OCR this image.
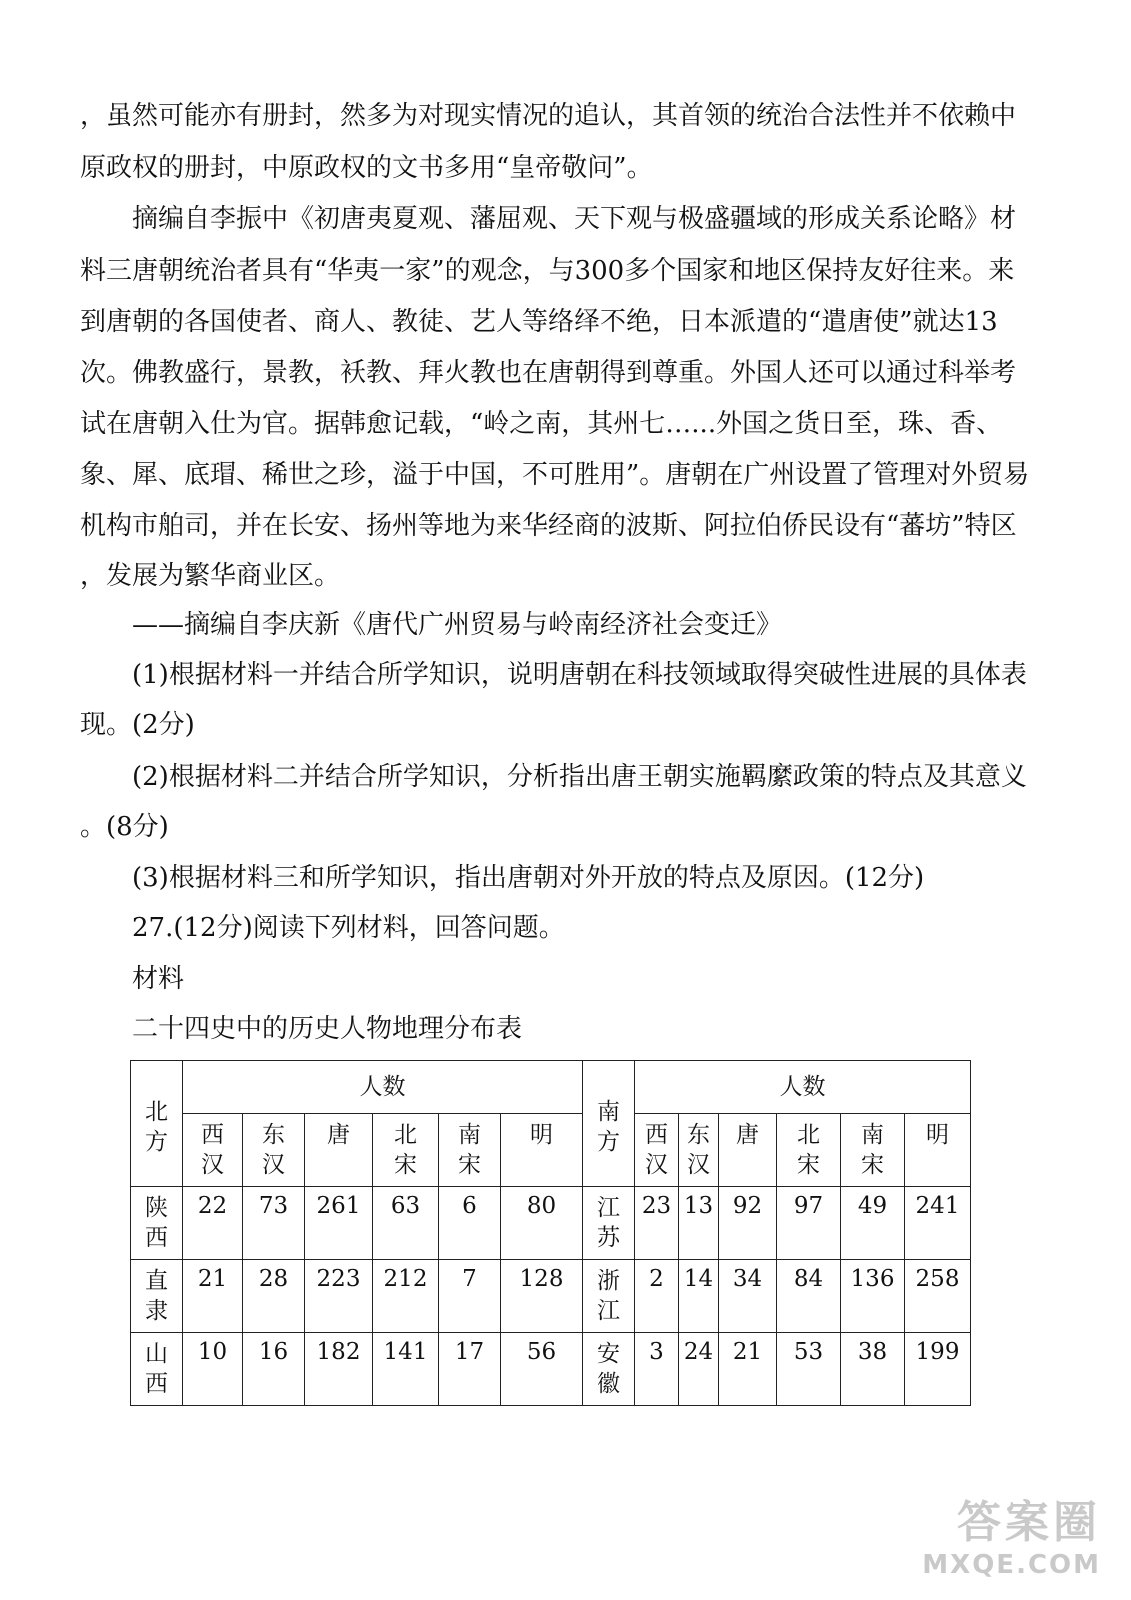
，虽然可能亦有册封，然多为对现实情况的追认，其首领的统治合法性并不依赖中
原政权的册封，中原政权的文书多用“皇帝敬问”。
摘编自李振中《初唐夷夏观、藩屈观、天下观与极盛疆域的形成关系论略》材
料三唐朝统治者具有“华夷一家”的观念，与300多个国家和地区保持友好往来。来
到唐朝的各国使者、商人、教徒、艺人等络绎不绝，日本派遣的“遣唐使”就达13
次。佛教盛行，景教，袄教、拜火教也在唐朝得到尊重。外国人还可以通过科举考
试在唐朝入仕为官。据韩愈记载，“岭之南，其州七…...外国之货日至，珠、香、
象、犀、底瑁、稀世之珍，溢于中国，不可胜用”。唐朝在广州设置了管理对外贸易
机构市舶司，并在长安、扬州等地为来华经商的波斯、阿拉伯侨民设有“蕃坊”特区
，发展为繁华商业区。
——摘编自李庆新《唐代广州贸易与岭南经济社会变迁》
(1)根据材料一并结合所学知识，说明唐朝在科技领域取得突破性进展的具体表
现。(2分)
(2)根据材料二并结合所学知识，分析指出唐王朝实施羁縻政策的特点及其意义
。(8分)
(3)根据材料三和所学知识，指出唐朝对外开放的特点及原因。(12分)
27.(12分)阅读下列材料，回答问题。
材料
二十四史中的历史人物地理分布表
北方	人数						南方	人数					
	西汉	东汉	唐	北宋	南宋	明		西汉	东汉	唐	北宋	南宋	明
陕西	22	73	261	63	6	80	江苏	23	13	92	97	49	241

直隶	21	28	223	212	7	128	浙江	2	14	34	84	136	258

山西	10	16	182	141	17	56	安徽	3	24	21	53	38	199
答案圈
MXQE.COM
